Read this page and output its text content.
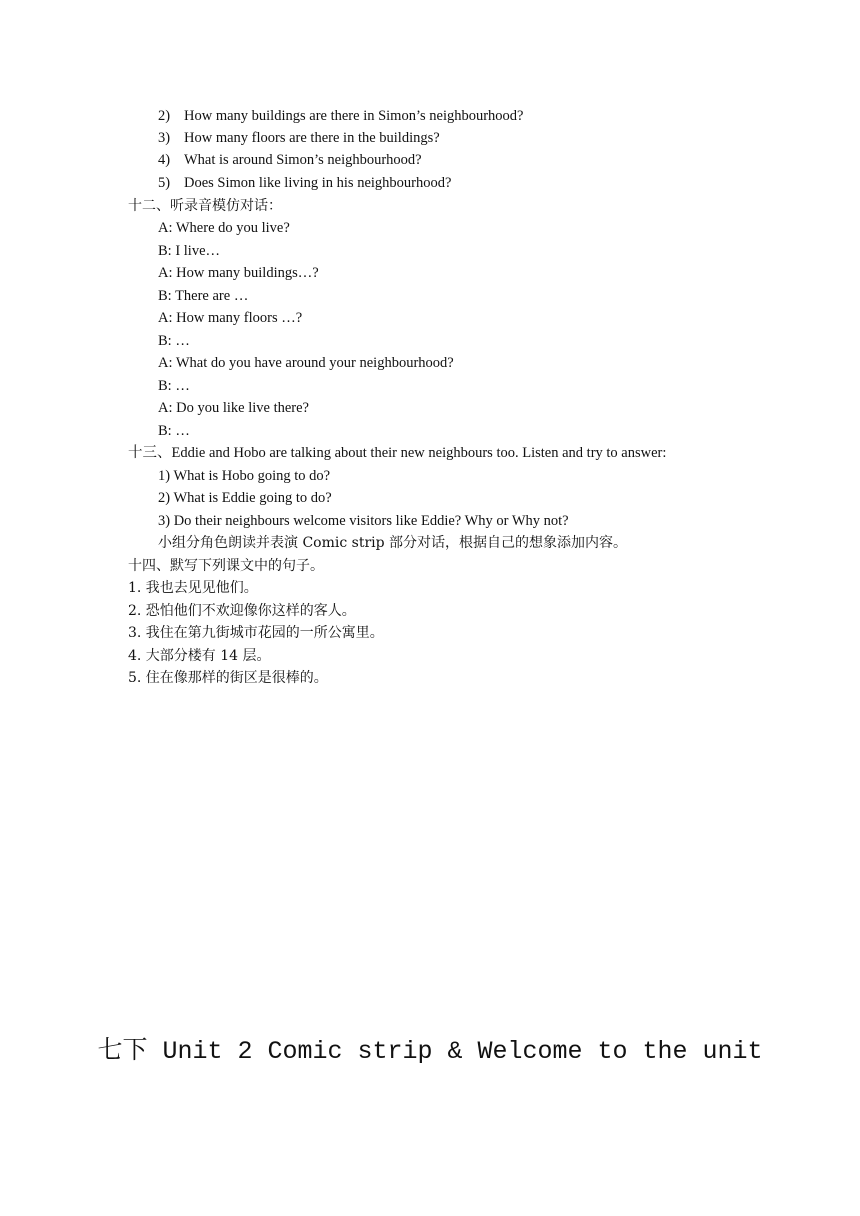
2) How many buildings are there in Simon’s neighbourhood?
3) How many floors are there in the buildings?
4) What is around Simon’s neighbourhood?
5) Does Simon like living in his neighbourhood?
十二、听录音模仿对话：
A: Where do you live?
B: I live…
A: How many buildings…?
B: There are …
A: How many floors …?
B: …
A: What do you have around your neighbourhood?
B: …
A: Do you like live there?
B: …
十三、Eddie and Hobo are talking about their new neighbours too. Listen and try to answer:
1) What is Hobo going to do?
2) What is Eddie going to do?
3) Do their neighbours welcome visitors like Eddie? Why or Why not?
小组分角色朗读并表演 Comic strip 部分对话，根据自己的想象添加内容。
十四、默写下列课文中的句子。
1. 我也去见见他们。
2. 恐怕他们不欢迎像你这样的客人。
3. 我住在第九街城市花园的一所公寓里。
4. 大部分楼有 14 层。
5. 住在像那样的街区是很棒的。
七下 Unit 2 Comic strip & Welcome to the unit
